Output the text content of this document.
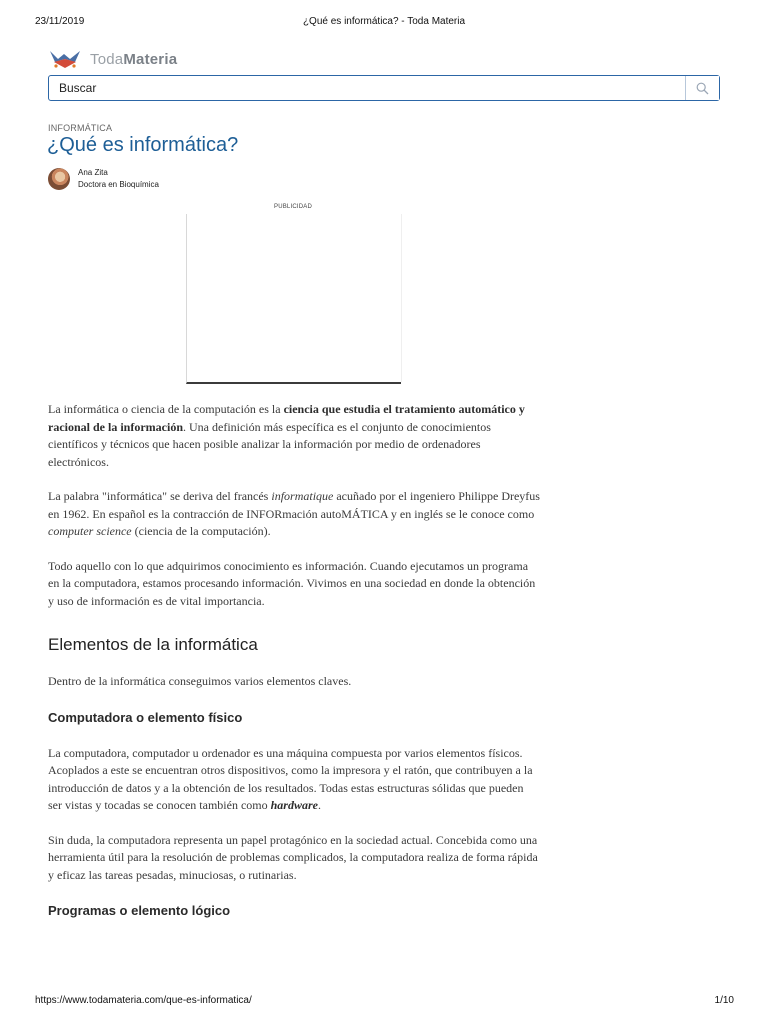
23/11/2019	¿Qué es informática? - Toda Materia
TodaMateria
Buscar
INFORMÁTICA
¿Qué es informática?
Ana Zita
Doctora en Bioquímica
PUBLICIDAD

La informática o ciencia de la computación es la ciencia que estudia el tratamiento automático y racional de la información. Una definición más específica es el conjunto de conocimientos científicos y técnicos que hacen posible analizar la información por medio de ordenadores electrónicos.

La palabra "informática" se deriva del francés informatique acuñado por el ingeniero Philippe Dreyfus en 1962. En español es la contracción de INFORmación autoMÁTICA y en inglés se le conoce como computer science (ciencia de la computación).

Todo aquello con lo que adquirimos conocimiento es información. Cuando ejecutamos un programa en la computadora, estamos procesando información. Vivimos en una sociedad en donde la obtención y uso de información es de vital importancia.

Elementos de la informática

Dentro de la informática conseguimos varios elementos claves.

Computadora o elemento físico

La computadora, computador u ordenador es una máquina compuesta por varios elementos físicos. Acoplados a este se encuentran otros dispositivos, como la impresora y el ratón, que contribuyen a la introducción de datos y a la obtención de los resultados. Todas estas estructuras sólidas que pueden ser vistas y tocadas se conocen también como hardware.

Sin duda, la computadora representa un papel protagónico en la sociedad actual. Concebida como una herramienta útil para la resolución de problemas complicados, la computadora realiza de forma rápida y eficaz las tareas pesadas, minuciosas, o rutinarias.

Programas o elemento lógico
https://www.todamateria.com/que-es-informatica/	1/10
